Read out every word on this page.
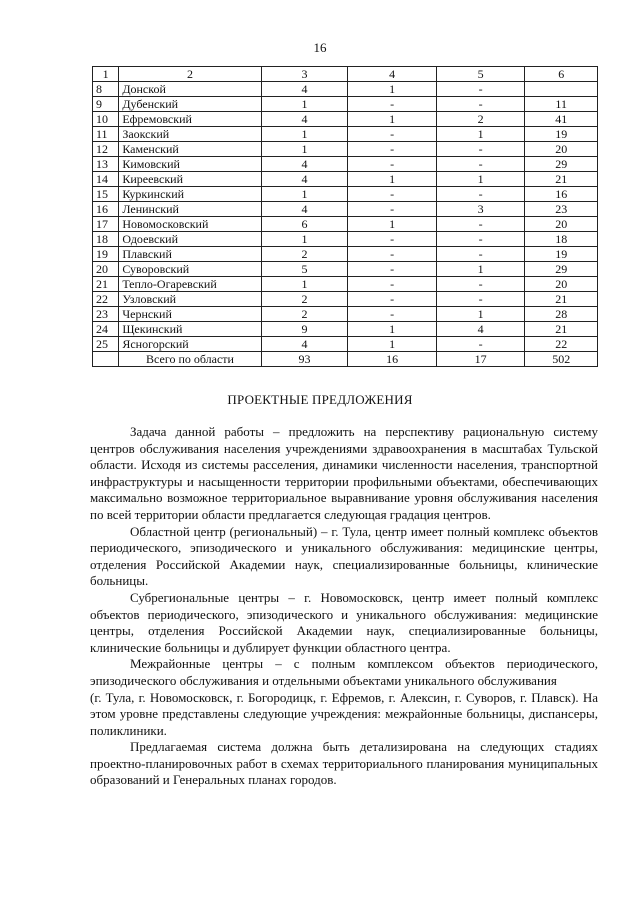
16
1	2	3	4	5	6
8	Донской	4	1	-	
9	Дубенский	1	-	-	11
10	Ефремовский	4	1	2	41
11	Заокский	1	-	1	19
12	Каменский	1	-	-	20
13	Кимовский	4	-	-	29
14	Киреевский	4	1	1	21
15	Куркинский	1	-	-	16
16	Ленинский	4	-	3	23
17	Новомосковский	6	1	-	20
18	Одоевский	1	-	-	18
19	Плавский	2	-	-	19
20	Суворовский	5	-	1	29
21	Тепло-Огаревский	1	-	-	20
22	Узловский	2	-	-	21
23	Чернский	2	-	1	28
24	Щекинский	9	1	4	21
25	Ясногорский	4	1	-	22
	Всего по области	93	16	17	502
ПРОЕКТНЫЕ ПРЕДЛОЖЕНИЯ

Задача данной работы – предложить на перспективу рациональную систему центров обслуживания населения учреждениями здравоохранения в масштабах Тульской области. Исходя из системы расселения, динамики численности населения, транспортной инфраструктуры и насыщенности территории профильными объектами, обеспечивающих максимально возможное территориальное выравнивание уровня обслуживания населения по всей территории области предлагается следующая градация центров.

Областной центр (региональный) – г. Тула, центр имеет полный комплекс объектов периодического, эпизодического и уникального обслуживания: медицинские центры, отделения Российской Академии наук, специализированные больницы, клинические больницы.

Субрегиональные центры – г. Новомосковск, центр имеет полный комплекс объектов периодического, эпизодического и уникального обслуживания: медицинские центры, отделения Российской Академии наук, специализированные больницы, клинические больницы и дублирует функции областного центра.

Межрайонные центры – с полным комплексом объектов периодического, эпизодического обслуживания и отдельными объектами уникального обслуживания

(г. Тула, г. Новомосковск, г. Богородицк, г. Ефремов, г. Алексин, г. Суворов, г. Плавск). На этом уровне представлены следующие учреждения: межрайонные больницы, диспансеры, поликлиники.

Предлагаемая система должна быть детализирована на следующих стадиях проектно-планировочных работ в схемах территориального планирования муниципальных образований и Генеральных планах городов.
